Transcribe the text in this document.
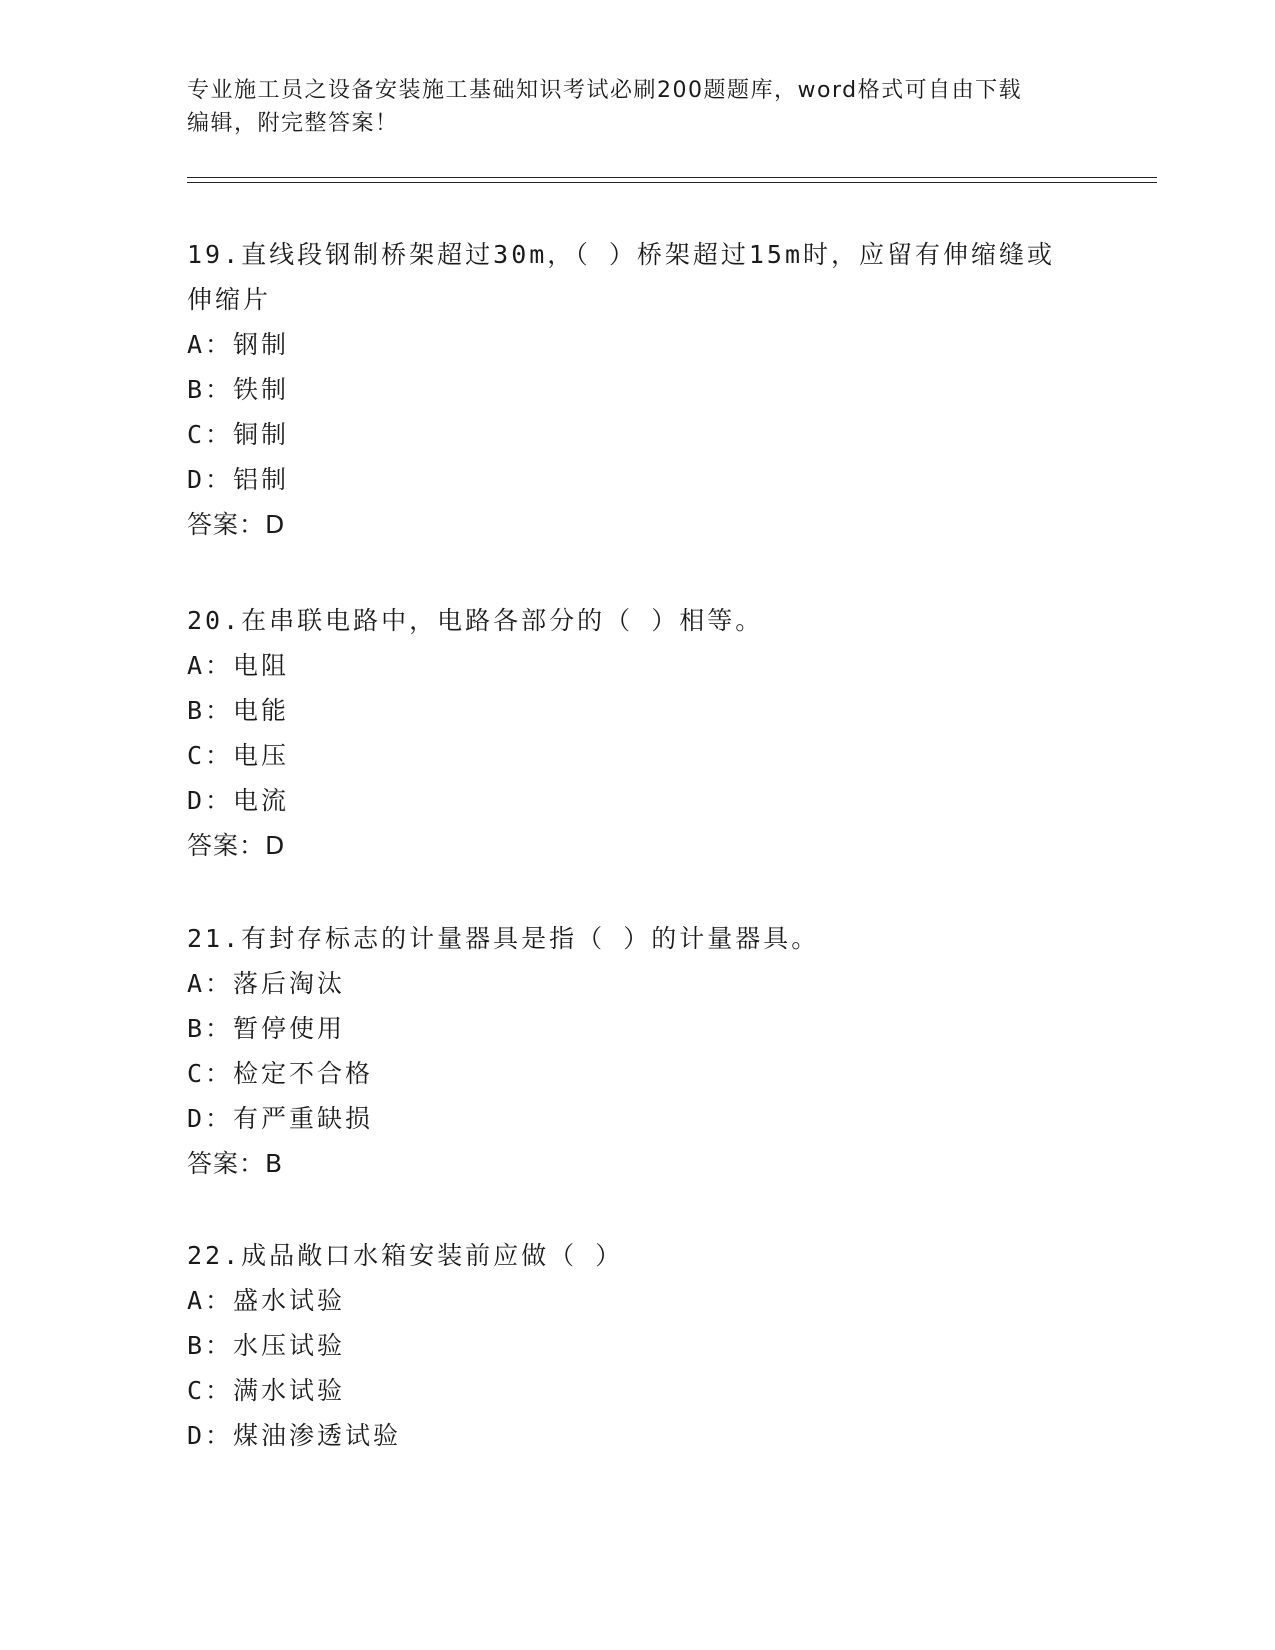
专业施工员之设备安装施工基础知识考试必刷200题题库，word格式可自由下载
编辑，附完整答案！

19.直线段钢制桥架超过30m，（ ）桥架超过15m时，应留有伸缩缝或
伸缩片

A：钢制

B：铁制

C：铜制

D：铝制

答案：D

20.在串联电路中，电路各部分的（ ）相等。

A：电阻

B：电能

C：电压

D：电流

答案：D

21.有封存标志的计量器具是指（ ）的计量器具。

A：落后淘汰

B：暂停使用

C：检定不合格

D：有严重缺损

答案：B

22.成品敞口水箱安装前应做（ ）

A：盛水试验

B：水压试验

C：满水试验

D：煤油渗透试验
